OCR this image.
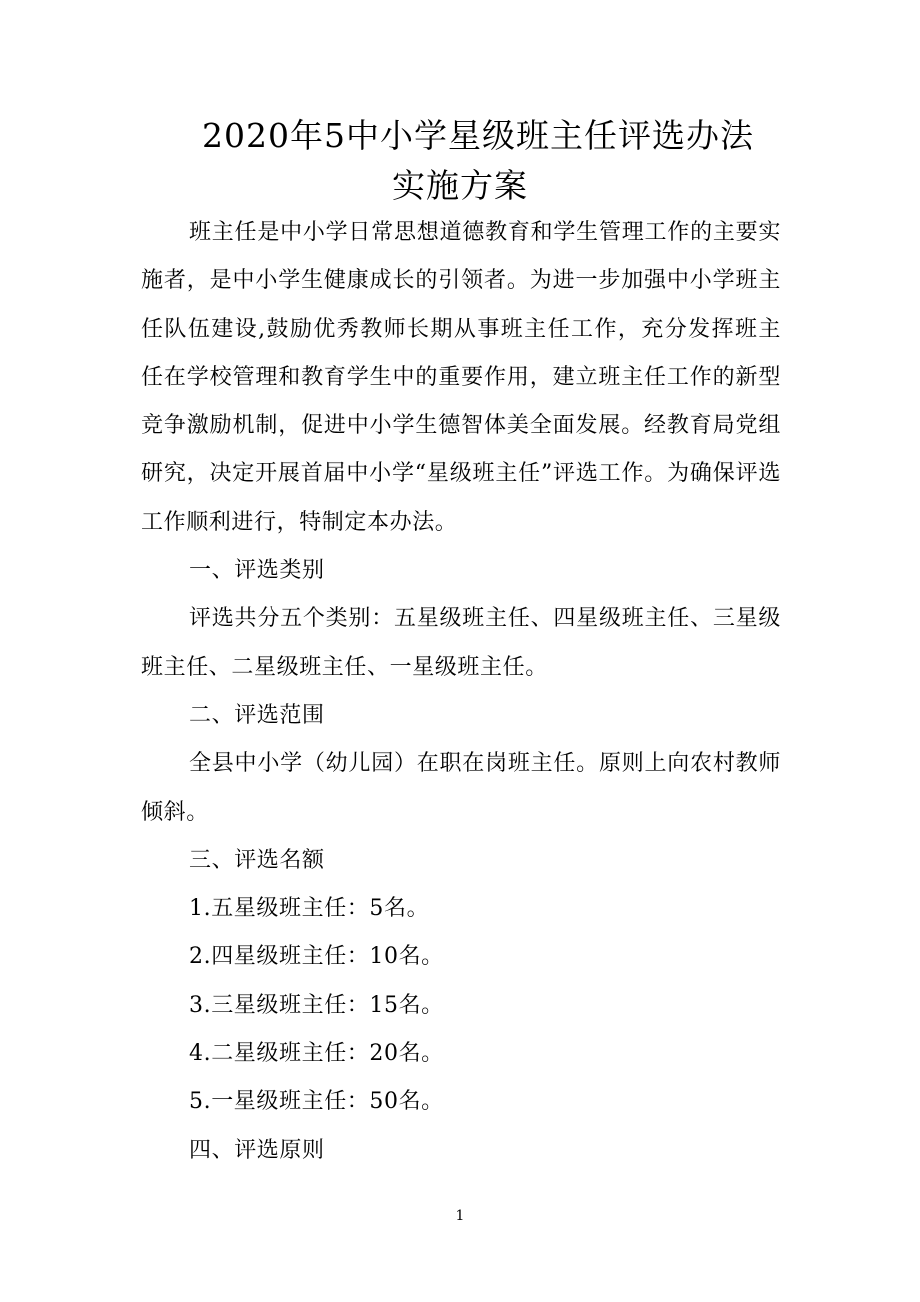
2020年5中小学星级班主任评选办法
实施方案

班主任是中小学日常思想道德教育和学生管理工作的主要实施者，是中小学生健康成长的引领者。为进一步加强中小学班主任队伍建设,鼓励优秀教师长期从事班主任工作，充分发挥班主任在学校管理和教育学生中的重要作用，建立班主任工作的新型竞争激励机制，促进中小学生德智体美全面发展。经教育局党组研究，决定开展首届中小学“星级班主任”评选工作。为确保评选工作顺利进行，特制定本办法。

一、评选类别

评选共分五个类别：五星级班主任、四星级班主任、三星级班主任、二星级班主任、一星级班主任。

二、评选范围

全县中小学（幼儿园）在职在岗班主任。原则上向农村教师倾斜。

三、评选名额

1.五星级班主任：5名。

2.四星级班主任：10名。

3.三星级班主任：15名。

4.二星级班主任：20名。

5.一星级班主任：50名。

四、评选原则

1
